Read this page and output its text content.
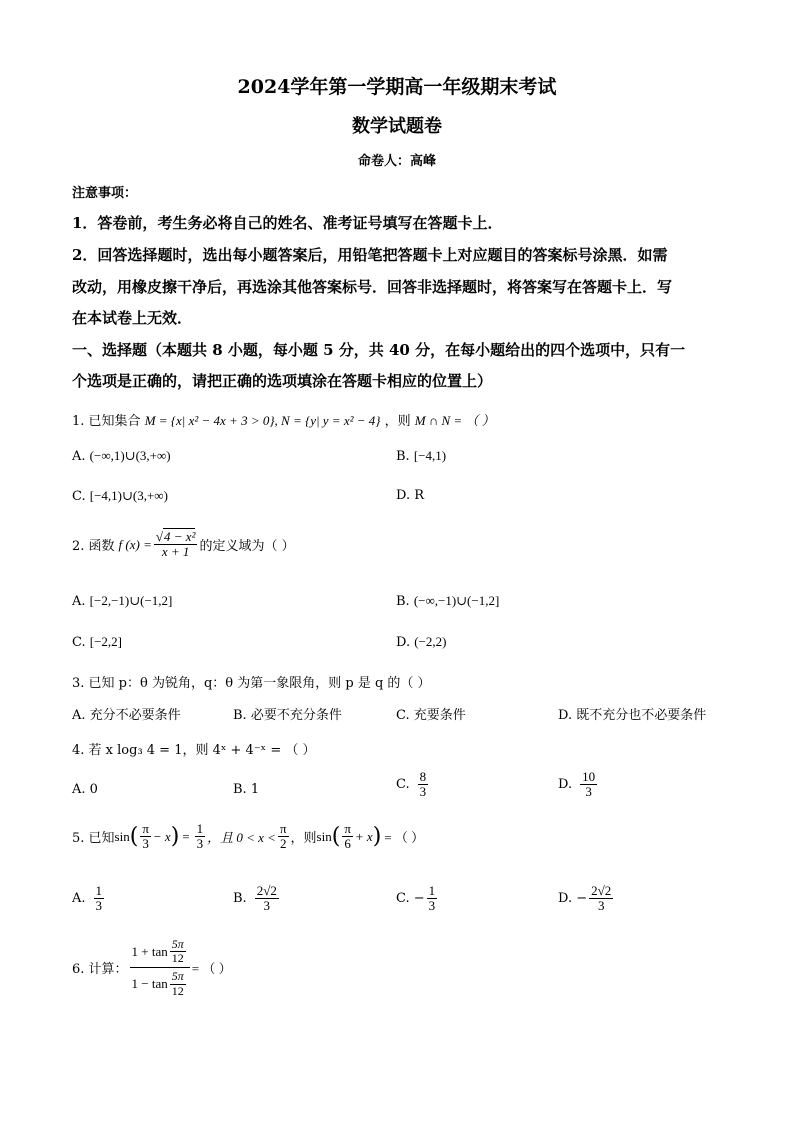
2024学年第一学期高一年级期末考试
数学试题卷
命卷人：高峰
注意事项：
1．答卷前，考生务必将自己的姓名、准考证号填写在答题卡上．
2．回答选择题时，选出每小题答案后，用铅笔把答题卡上对应题目的答案标号涂黑．如需
改动，用橡皮擦干净后，再选涂其他答案标号．回答非选择题时，将答案写在答题卡上．写
在本试卷上无效．
一、选择题（本题共 8 小题，每小题 5 分，共 40 分，在每小题给出的四个选项中，只有一
个选项是正确的，请把正确的选项填涂在答题卡相应的位置上）
1. 已知集合 M = {x| x² − 4x + 3 > 0}, N = {y| y = x² − 4} ，则 M ∩ N = （ ）
A. (−∞,1)∪(3,+∞)	B. [−4,1)
C. [−4,1)∪(3,+∞)	D. R
2. 函数 f $(x) = \frac{\text{√4 − x²}}{x + 1}$ 的定义域为（ ）
A. [−2,−1)∪(−1,2]	B. (−∞,−1)∪(−1,2]
C. [−2,2]	D. (−2,2)
3. 已知 p：θ 为锐角，q：θ 为第一象限角，则 p 是 q 的（ ）
A. 充分不必要条件	B. 必要不充分条件	C. 充要条件	D. 既不充分也不必要条件
4. 若 x log₃ 4 = 1，则 4ˣ + 4⁻ˣ = （ ）
A. 0	B. 1	C. $\frac{8}{3}$	D. $\frac{10}{3}$
5. 已知 sin ( $\frac{\pi}{3} - x$ ) = $\frac{1}{3}$ ，且 $0 < x < \frac{\pi}{2}$ ，则 sin ( $\frac{\pi}{6} + x$ ) = （ ）
A. $\frac{1}{3}$	B. $\frac{2√2}{3}$	C. − $\frac{1}{3}$	D. − $\frac{2√2}{3}$
6. 计算： $\frac{1 + \tan \frac{5\pi}{12}}{1 - \tan \frac{5\pi}{12}}$ = （ ）
